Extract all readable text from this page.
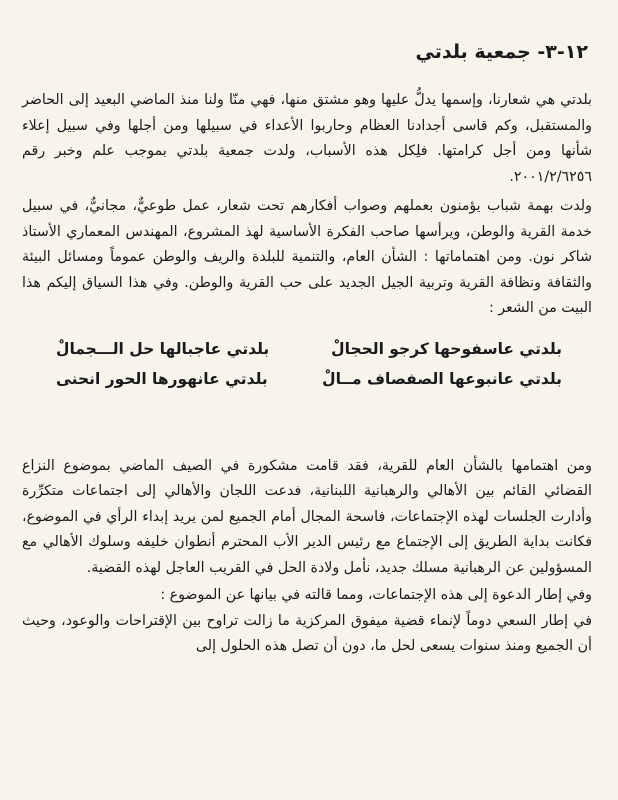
١٢-٣- جمعية بلدتي

بلدتي هي شعارنا، وإسمها يدلُّ عليها وهو مشتق منها، فهي منّا ولنا منذ الماضي البعيد إلى الحاضر والمستقبل، وكم قاسى أجدادنا العظام وحاربوا الأعداء في سبيلها ومن أجلها وفي سبيل إعلاء شأنها ومن أجل كرامتها. فلِكل هذه الأسباب، ولدت جمعية بلدتي بموجب علم وخبر رقم ٢٠٠١/٢/٦٢٥٦.

ولدت بهمة شباب يؤمنون بعملهم وصواب أفكارهم تحت شعار، عمل طوعيٌّ، مجانيٌّ، في سبيل خدمة القرية والوطن، ويرأسها صاحب الفكرة الأساسية لهذ المشروع، المهندس المعماري الأستاذ شاكر نون. ومن اهتماماتها : الشأن العام، والتنمية للبلدة والريف والوطن عموماً ومسائل البيئة والثقافة ونظافة القرية وتربية الجيل الجديد على حب القرية والوطن. وفي هذا السياق إليكم هذا البيت من الشعر :

بلدتي عاسفوحها كرجو الحجالْ
بلدتي عاجبالها حل الـــجمالْ
بلدتي عانبوعها الصفصاف مــالْ
بلدتي عانهورها الحور انحنى

ومن اهتمامها بالشأن العام للقرية، فقد قامت مشكورة في الصيف الماضي بموضوع النزاع القضائي القائم بين الأهالي والرهبانية اللبنانية، فدعت اللجان والأهالي إلى اجتماعات متكرِّرة وأدارت الجلسات لهذه الإجتماعات، فاسحة المجال أمام الجميع لمن يريد إبداء الرأي في الموضوع، فكانت بداية الطريق إلى الإجتماع مع رئيس الدير الأب المحترم أنطوان خليفه وسلوك الأهالي مع المسؤولين عن الرهبانية مسلك جديد، نأمل ولادة الحل في القريب العاجل لهذه القضية.

وفي إطار الدعوة إلى هذه الإجتماعات، ومما قالته في بيانها عن الموضوع :

في إطار السعي دوماً لإنماء قضية ميفوق المركزية ما زالت تراوح بين الإقتراحات والوعود، وحيث أن الجميع ومنذ سنوات يسعى لحل ما، دون أن تصل هذه الحلول إلى
